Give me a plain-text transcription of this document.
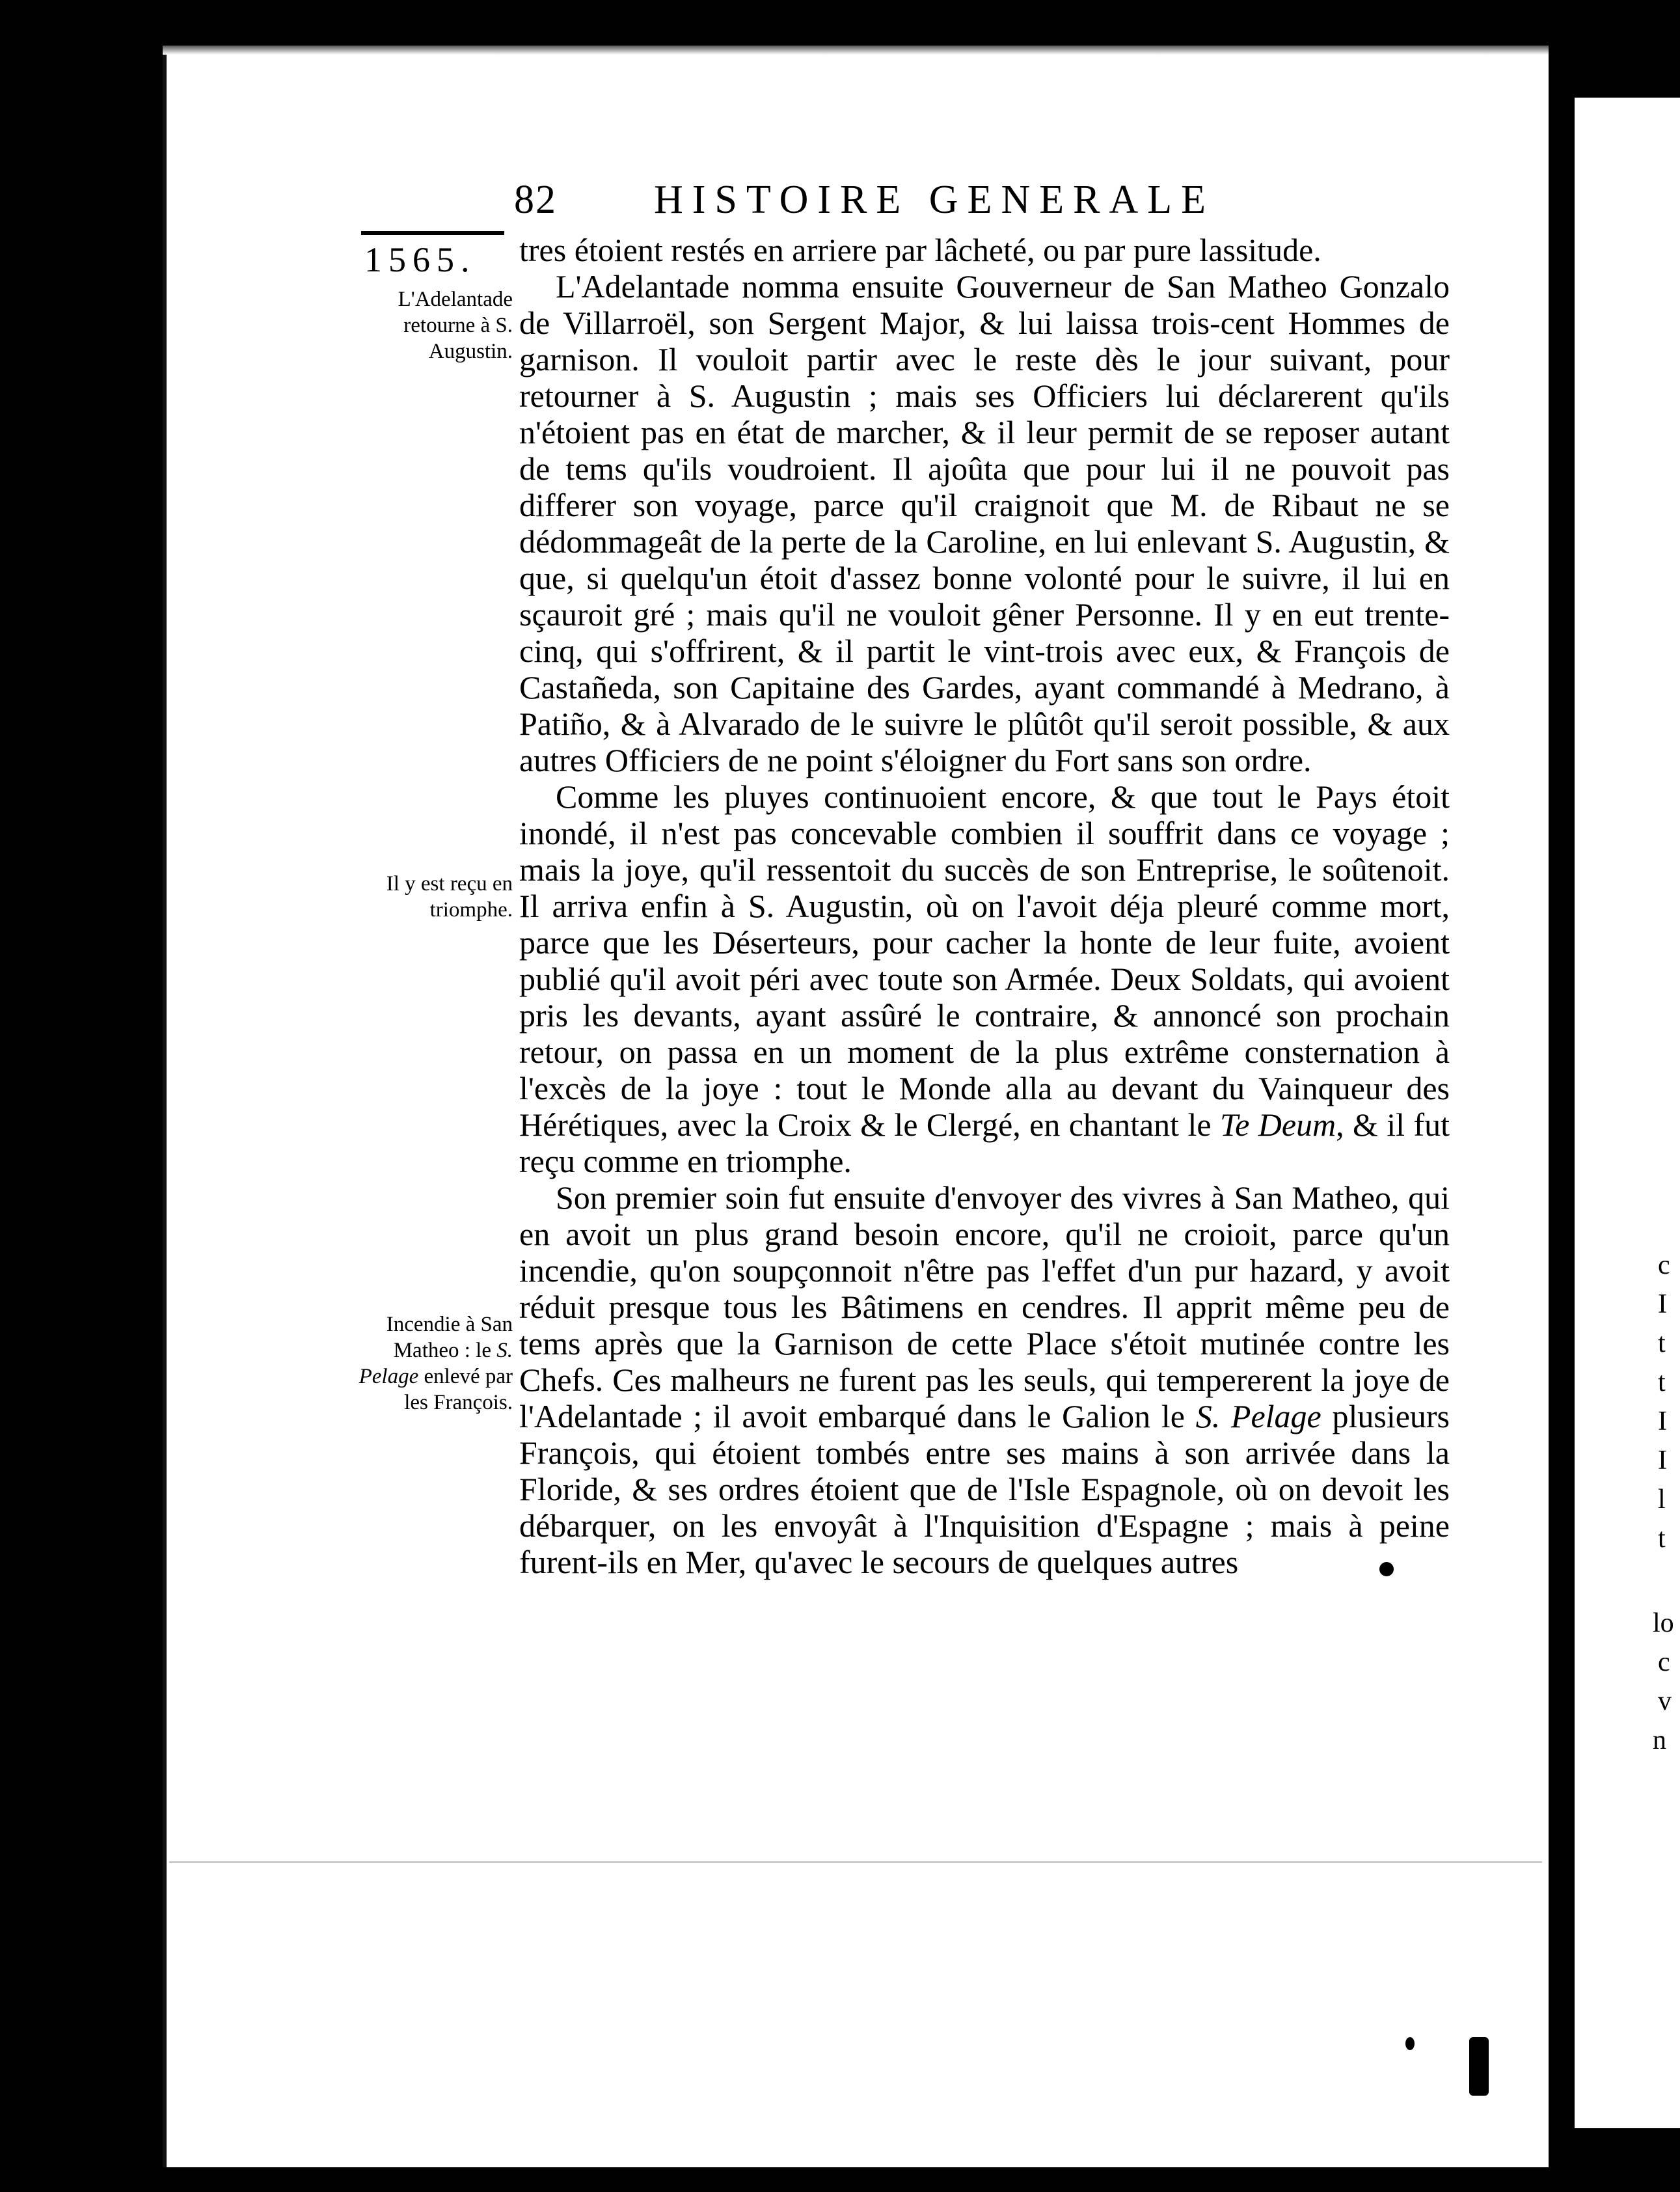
c
I
t
t
I
I
l
t
lo
c
v
n
82 HISTOIRE GENERALE
1565.
L'Adelantade retourne à S. Augustin.
Il y est reçu en triomphe.
Incendie à San Matheo : le S. Pelage enlevé par les François.

tres étoient restés en arriere par lâcheté, ou par pure lassitude.

L'Adelantade nomma ensuite Gouverneur de San Matheo Gonzalo de Villarroël, son Sergent Major, & lui laissa trois-cent Hommes de garnison. Il vouloit partir avec le reste dès le jour suivant, pour retourner à S. Augustin ; mais ses Officiers lui déclarerent qu'ils n'étoient pas en état de marcher, & il leur permit de se reposer autant de tems qu'ils voudroient. Il ajoûta que pour lui il ne pouvoit pas differer son voyage, parce qu'il craignoit que M. de Ribaut ne se dédommageât de la perte de la Caroline, en lui enlevant S. Augustin, & que, si quelqu'un étoit d'assez bonne volonté pour le suivre, il lui en sçauroit gré ; mais qu'il ne vouloit gêner Personne. Il y en eut trente-cinq, qui s'offrirent, & il partit le vint-trois avec eux, & François de Castañeda, son Capitaine des Gardes, ayant commandé à Medrano, à Patiño, & à Alvarado de le suivre le plûtôt qu'il seroit possible, & aux autres Officiers de ne point s'éloigner du Fort sans son ordre.

Comme les pluyes continuoient encore, & que tout le Pays étoit inondé, il n'est pas concevable combien il souffrit dans ce voyage ; mais la joye, qu'il ressentoit du succès de son Entreprise, le soûtenoit. Il arriva enfin à S. Augustin, où on l'avoit déja pleuré comme mort, parce que les Déserteurs, pour cacher la honte de leur fuite, avoient publié qu'il avoit péri avec toute son Armée. Deux Soldats, qui avoient pris les devants, ayant assûré le contraire, & annoncé son prochain retour, on passa en un moment de la plus extrême consternation à l'excès de la joye : tout le Monde alla au devant du Vainqueur des Hérétiques, avec la Croix & le Clergé, en chantant le Te Deum, & il fut reçu comme en triomphe.

Son premier soin fut ensuite d'envoyer des vivres à San Matheo, qui en avoit un plus grand besoin encore, qu'il ne croioit, parce qu'un incendie, qu'on soupçonnoit n'être pas l'effet d'un pur hazard, y avoit réduit presque tous les Bâtimens en cendres. Il apprit même peu de tems après que la Garnison de cette Place s'étoit mutinée contre les Chefs. Ces malheurs ne furent pas les seuls, qui tempererent la joye de l'Adelantade ; il avoit embarqué dans le Galion le S. Pelage plusieurs François, qui étoient tombés entre ses mains à son arrivée dans la Floride, & ses ordres étoient que de l'Isle Espagnole, où on devoit les débarquer, on les envoyât à l'Inquisition d'Espagne ; mais à peine furent-ils en Mer, qu'avec le secours de quelques autres
